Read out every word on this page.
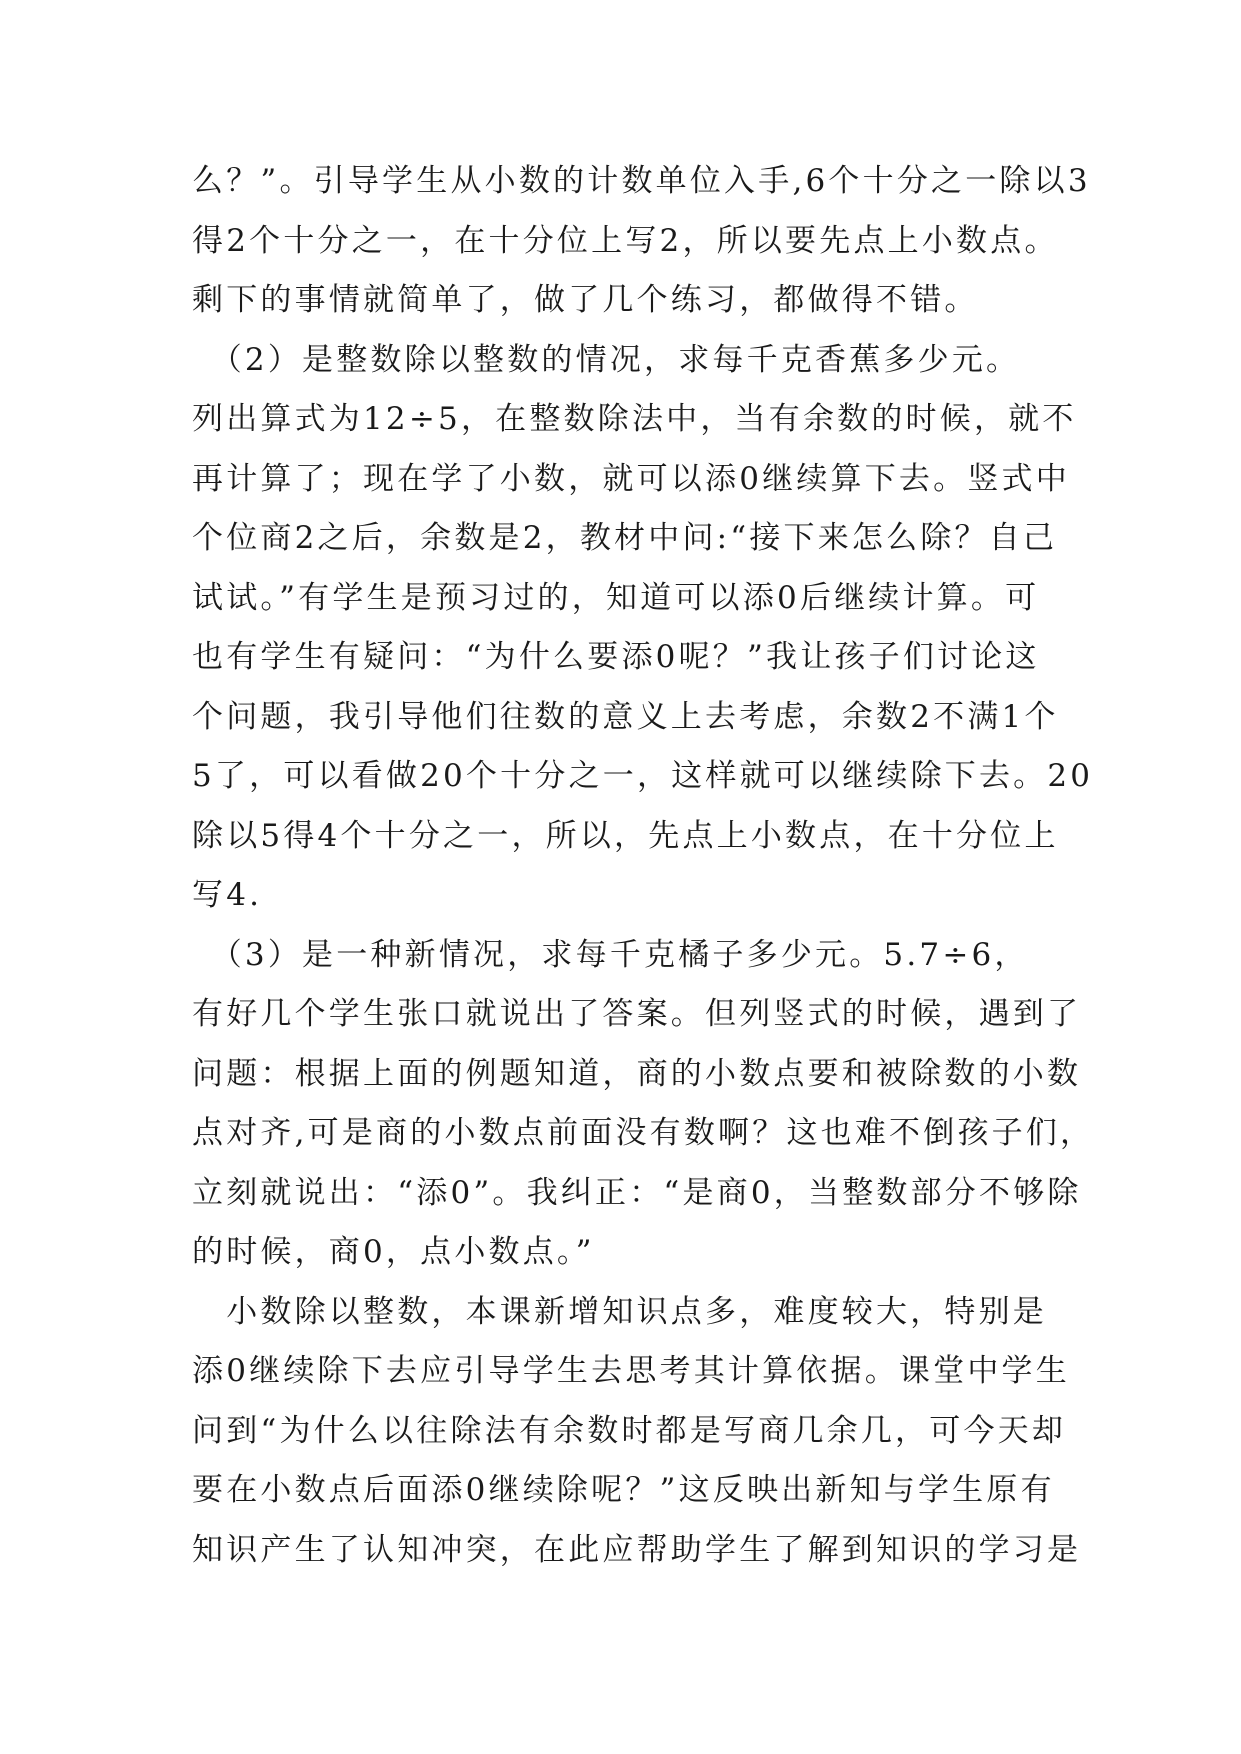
么？”。引导学生从小数的计数单位入手,6个十分之一除以3
得2个十分之一，在十分位上写2，所以要先点上小数点。
剩下的事情就简单了，做了几个练习，都做得不错。
　（2）是整数除以整数的情况，求每千克香蕉多少元。
列出算式为12÷5，在整数除法中，当有余数的时候，就不
再计算了；现在学了小数，就可以添0继续算下去。竖式中
个位商2之后，余数是2，教材中问:“接下来怎么除？自己
试试。”有学生是预习过的，知道可以添0后继续计算。可
也有学生有疑问：“为什么要添0呢？”我让孩子们讨论这
个问题，我引导他们往数的意义上去考虑，余数2不满1个
5了，可以看做20个十分之一，这样就可以继续除下去。20
除以5得4个十分之一，所以，先点上小数点，在十分位上
写4.
　（3）是一种新情况，求每千克橘子多少元。5.7÷6，
有好几个学生张口就说出了答案。但列竖式的时候，遇到了
问题：根据上面的例题知道，商的小数点要和被除数的小数
点对齐,可是商的小数点前面没有数啊？这也难不倒孩子们，
立刻就说出：“添0”。我纠正：“是商0，当整数部分不够除
的时候，商0，点小数点。”
　小数除以整数，本课新增知识点多，难度较大，特别是
添0继续除下去应引导学生去思考其计算依据。课堂中学生
问到“为什么以往除法有余数时都是写商几余几，可今天却
要在小数点后面添0继续除呢？”这反映出新知与学生原有
知识产生了认知冲突，在此应帮助学生了解到知识的学习是
